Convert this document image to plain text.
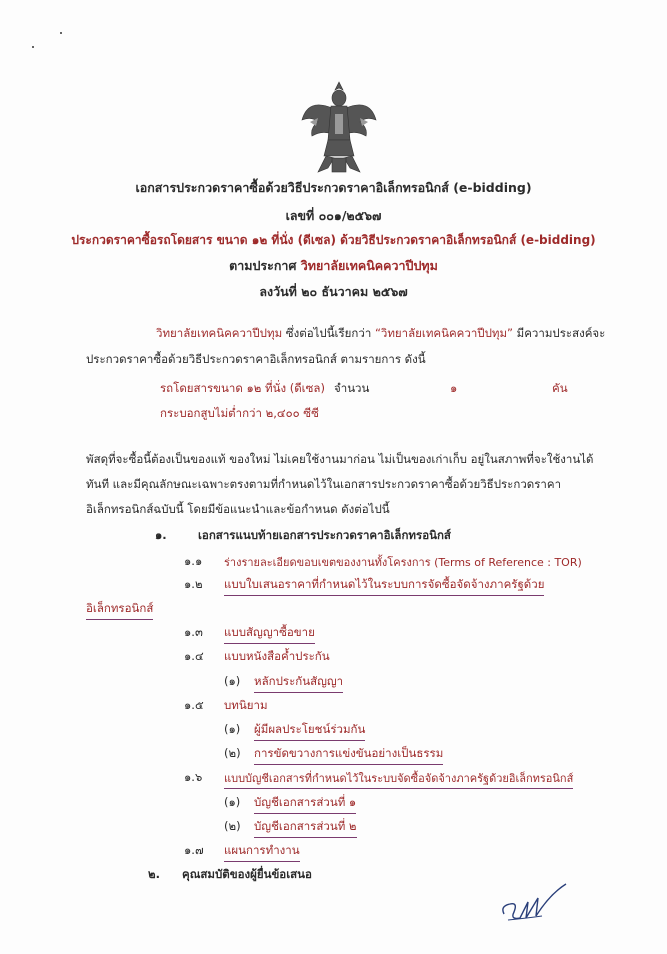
เอกสารประกวดราคาซื้อด้วยวิธีประกวดราคาอิเล็กทรอนิกส์ (e-bidding)
เลขที่ ๐๐๑/๒๕๖๗
ประกวดราคาซื้อรถโดยสาร ขนาด ๑๒ ที่นั่ง (ดีเซล) ด้วยวิธีประกวดราคาอิเล็กทรอนิกส์ (e-bidding)
ตามประกาศ วิทยาลัยเทคนิคควาปีปทุม
ลงวันที่ ๒๐ ธันวาคม ๒๕๖๗
วิทยาลัยเทคนิคควาปีปทุม ซึ่งต่อไปนี้เรียกว่า “วิทยาลัยเทคนิคควาปีปทุม” มีความประสงค์จะ
ประกวดราคาซื้อด้วยวิธีประกวดราคาอิเล็กทรอนิกส์ ตามรายการ ดังนี้
รถโดยสารขนาด ๑๒ ที่นั่ง (ดีเซล) จำนวน	๑	คัน
กระบอกสูบไม่ต่ำกว่า ๒,๔๐๐ ซีซี
พัสดุที่จะซื้อนี้ต้องเป็นของแท้ ของใหม่ ไม่เคยใช้งานมาก่อน ไม่เป็นของเก่าเก็บ อยู่ในสภาพที่จะใช้งานได้
ทันที และมีคุณลักษณะเฉพาะตรงตามที่กำหนดไว้ในเอกสารประกวดราคาซื้อด้วยวิธีประกวดราคา
อิเล็กทรอนิกส์ฉบับนี้ โดยมีข้อแนะนำและข้อกำหนด ดังต่อไปนี้
๑.	เอกสารแนบท้ายเอกสารประกวดราคาอิเล็กทรอนิกส์
๑.๑ ร่างรายละเอียดขอบเขตของงานทั้งโครงการ (Terms of Reference : TOR)
๑.๒ แบบใบเสนอราคาที่กำหนดไว้ในระบบการจัดซื้อจัดจ้างภาครัฐด้วย
อิเล็กทรอนิกส์
๑.๓ แบบสัญญาซื้อขาย
๑.๔ แบบหนังสือค้ำประกัน
(๑) หลักประกันสัญญา
๑.๕ บทนิยาม
(๑) ผู้มีผลประโยชน์ร่วมกัน
(๒) การขัดขวางการแข่งขันอย่างเป็นธรรม
๑.๖ แบบบัญชีเอกสารที่กำหนดไว้ในระบบจัดซื้อจัดจ้างภาครัฐด้วยอิเล็กทรอนิกส์
(๑) บัญชีเอกสารส่วนที่ ๑
(๒) บัญชีเอกสารส่วนที่ ๒
๑.๗ แผนการทำงาน
๒. คุณสมบัติของผู้ยื่นข้อเสนอ
